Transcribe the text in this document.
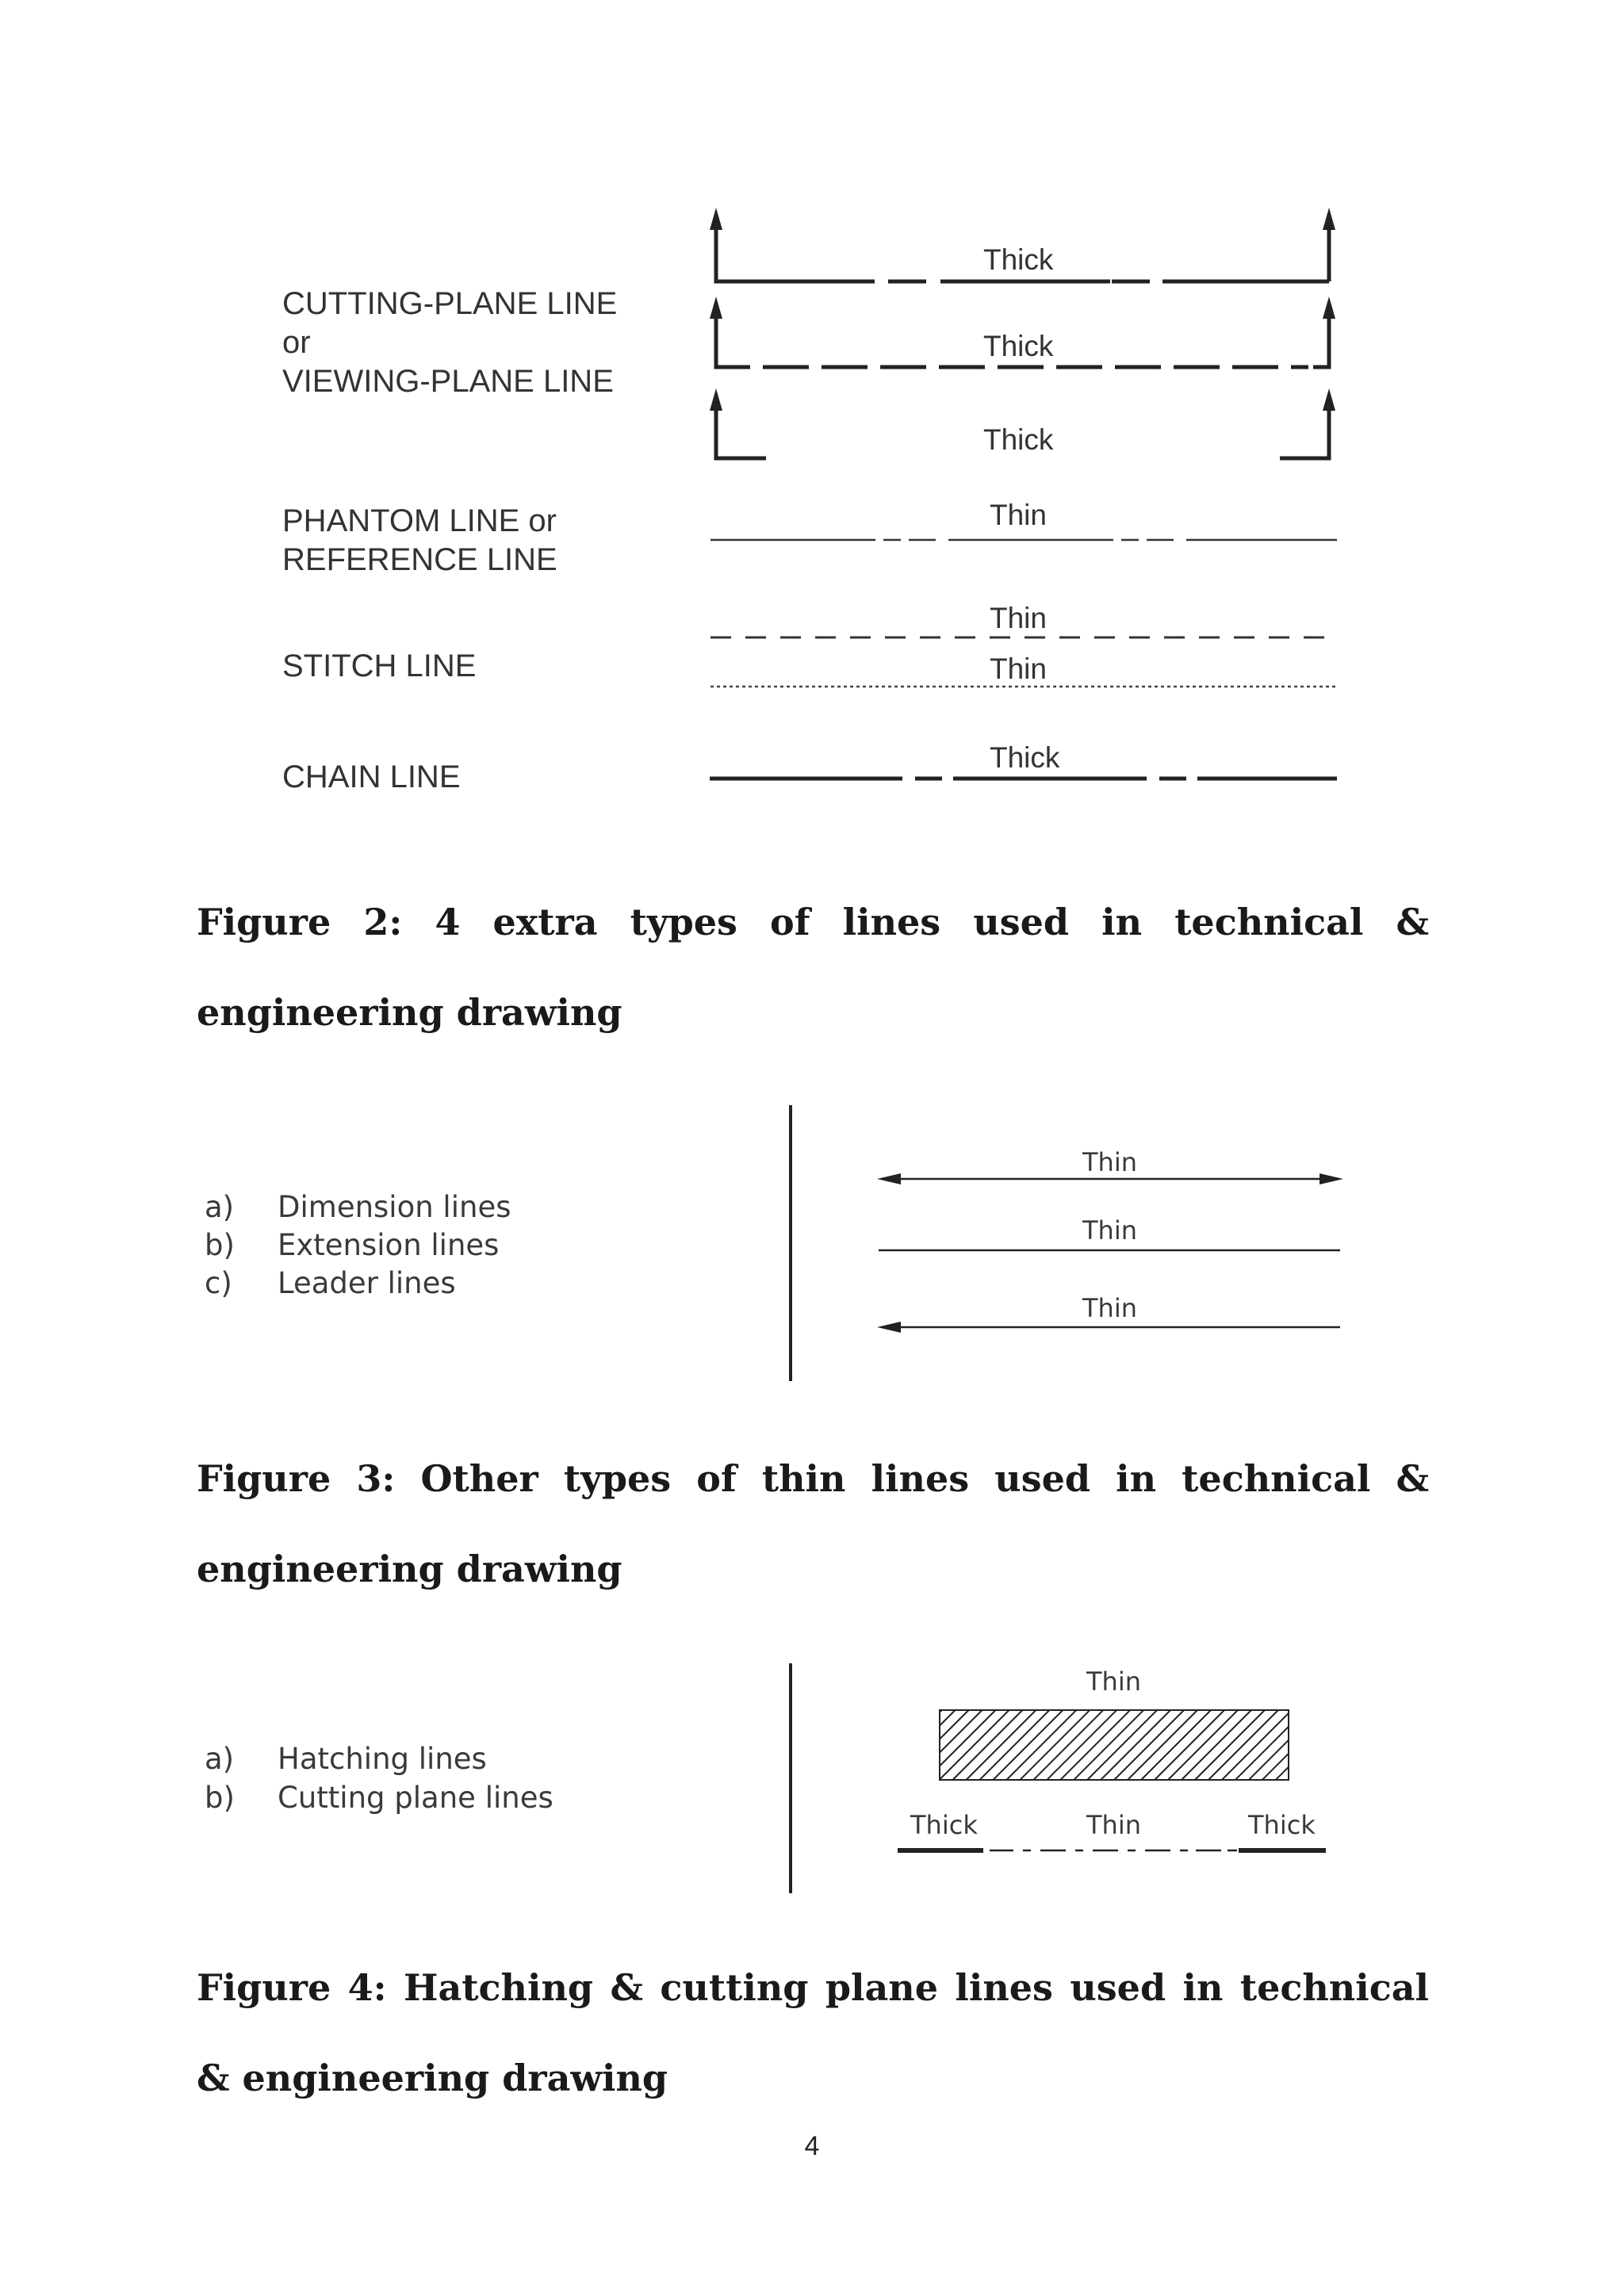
CUTTING-PLANE LINE
or
VIEWING-PLANE LINE
PHANTOM LINE or
REFERENCE LINE
STITCH LINE
CHAIN LINE
Thick
Thick
Thick
Thin
Thin
Thin
Thick

Figure 2: 4 extra types of lines used in technical & engineering drawing

a) Dimension lines
b) Extension lines
c) Leader lines
Thin
Thin
Thin

Figure 3: Other types of thin lines used in technical & engineering drawing

a) Hatching lines
b) Cutting plane lines
Thin
Thick	Thin	Thick

Figure 4: Hatching & cutting plane lines used in technical & engineering drawing

4
